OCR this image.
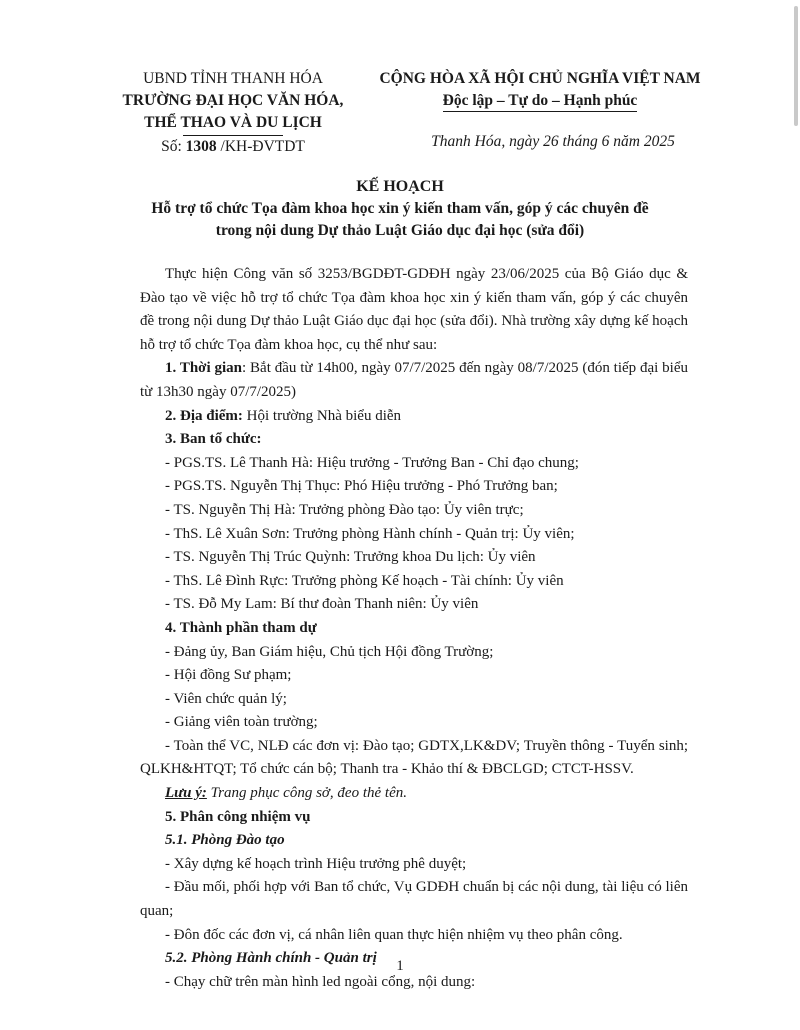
UBND TỈNH THANH HÓA
TRƯỜNG ĐẠI HỌC VĂN HÓA,
THỂ THAO VÀ DU LỊCH
Số: 1308 /KH-ĐVTDT
CỘNG HÒA XÃ HỘI CHỦ NGHĨA VIỆT NAM
Độc lập – Tự do – Hạnh phúc
Thanh Hóa, ngày 26 tháng 6 năm 2025
KẾ HOẠCH
Hỗ trợ tổ chức Tọa đàm khoa học xin ý kiến tham vấn, góp ý các chuyên đề
trong nội dung Dự thảo Luật Giáo dục đại học (sửa đổi)

Thực hiện Công văn số 3253/BGDĐT-GDĐH ngày 23/06/2025 của Bộ Giáo dục & Đào tạo về việc hỗ trợ tổ chức Tọa đàm khoa học xin ý kiến tham vấn, góp ý các chuyên đề trong nội dung Dự thảo Luật Giáo dục đại học (sửa đổi). Nhà trường xây dựng kế hoạch hỗ trợ tổ chức Tọa đàm khoa học, cụ thể như sau:

1. Thời gian: Bắt đầu từ 14h00, ngày 07/7/2025 đến ngày 08/7/2025 (đón tiếp đại biểu từ 13h30 ngày 07/7/2025)

2. Địa điểm: Hội trường Nhà biểu diễn

3. Ban tổ chức:

- PGS.TS. Lê Thanh Hà: Hiệu trưởng - Trưởng Ban - Chỉ đạo chung;

- PGS.TS. Nguyễn Thị Thục: Phó Hiệu trưởng - Phó Trưởng ban;

- TS. Nguyễn Thị Hà: Trưởng phòng Đào tạo: Ủy viên trực;

- ThS. Lê Xuân Sơn: Trưởng phòng Hành chính - Quản trị: Ủy viên;

- TS. Nguyễn Thị Trúc Quỳnh: Trưởng khoa Du lịch: Ủy viên

- ThS. Lê Đình Rực: Trưởng phòng Kế hoạch - Tài chính: Ủy viên

- TS. Đỗ My Lam: Bí thư đoàn Thanh niên: Ủy viên

4. Thành phần tham dự

- Đảng ủy, Ban Giám hiệu, Chủ tịch Hội đồng Trường;

- Hội đồng Sư phạm;

- Viên chức quản lý;

- Giảng viên toàn trường;

- Toàn thể VC, NLĐ các đơn vị: Đào tạo; GDTX,LK&DV; Truyền thông - Tuyển sinh; QLKH&HTQT; Tổ chức cán bộ; Thanh tra - Khảo thí & ĐBCLGD; CTCT-HSSV.

Lưu ý: Trang phục công sở, đeo thẻ tên.

5. Phân công nhiệm vụ

5.1. Phòng Đào tạo

- Xây dựng kế hoạch trình Hiệu trưởng phê duyệt;

- Đầu mối, phối hợp với Ban tổ chức, Vụ GDĐH chuẩn bị các nội dung, tài liệu có liên quan;

- Đôn đốc các đơn vị, cá nhân liên quan thực hiện nhiệm vụ theo phân công.

5.2. Phòng Hành chính - Quản trị

- Chạy chữ trên màn hình led ngoài cổng, nội dung:

1
